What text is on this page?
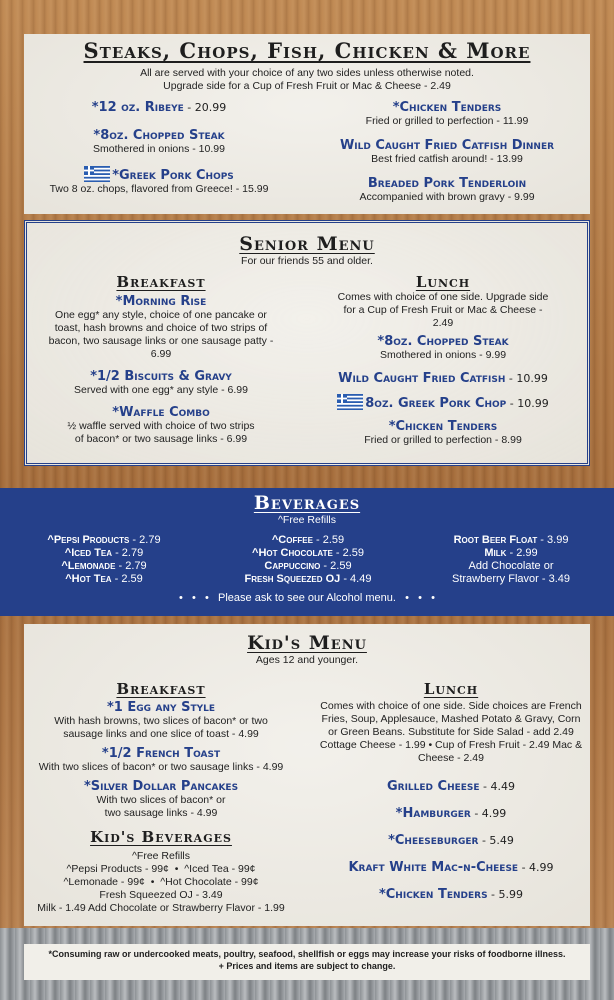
Steaks, Chops, Fish, Chicken & More
All are served with your choice of any two sides unless otherwise noted.
Upgrade side for a Cup of Fresh Fruit or Mac & Cheese - 2.49
*12 oz. Ribeye - 20.99
*8oz. Chopped Steak
Smothered in onions - 10.99
*Greek Pork Chops
Two 8 oz. chops, flavored from Greece! - 15.99
*Chicken Tenders
Fried or grilled to perfection - 11.99
Wild Caught Fried Catfish Dinner
Best fried catfish around! - 13.99
Breaded Pork Tenderloin
Accompanied with brown gravy - 9.99
Senior Menu
For our friends 55 and older.
Breakfast
*Morning Rise
One egg* any style, choice of one pancake or toast, hash browns and choice of two strips of bacon, two sausage links or one sausage patty - 6.99
*1/2 Biscuits & Gravy
Served with one egg* any style - 6.99
*Waffle Combo
½ waffle served with choice of two strips of bacon* or two sausage links - 6.99
Lunch
Comes with choice of one side. Upgrade side for a Cup of Fresh Fruit or Mac & Cheese - 2.49
*8oz. Chopped Steak
Smothered in onions - 9.99
Wild Caught Fried Catfish - 10.99
8oz. Greek Pork Chop - 10.99
*Chicken Tenders
Fried or grilled to perfection - 8.99
Beverages
^Free Refills
^Pepsi Products - 2.79
^Iced Tea - 2.79
^Lemonade - 2.79
^Hot Tea - 2.59
^Coffee - 2.59
^Hot Chocolate - 2.59
Cappuccino - 2.59
Fresh Squeezed OJ - 4.49
Root Beer Float - 3.99
Milk - 2.99
Add Chocolate or
Strawberry Flavor - 3.49
•   •   •   Please ask to see our Alcohol menu.   •   •   •
Kid's Menu
Ages 12 and younger.
Breakfast
*1 Egg any Style
With hash browns, two slices of bacon* or two sausage links and one slice of toast - 4.99
*1/2 French Toast
With two slices of bacon* or two sausage links - 4.99
*Silver Dollar Pancakes
With two slices of bacon* or two sausage links - 4.99
Kid's Beverages
^Free Refills
^Pepsi Products - 99¢  •  ^Iced Tea - 99¢
^Lemonade - 99¢  •  ^Hot Chocolate - 99¢
Fresh Squeezed OJ - 3.49
Milk - 1.49 Add Chocolate or Strawberry Flavor - 1.99
Lunch
Comes with choice of one side. Side choices are French Fries, Soup, Applesauce, Mashed Potato & Gravy, Corn or Green Beans. Substitute for Side Salad - add 2.49 Cottage Cheese - 1.99 • Cup of Fresh Fruit - 2.49 Mac & Cheese - 2.49
Grilled Cheese - 4.49
*Hamburger - 4.99
*Cheeseburger - 5.49
Kraft White Mac-n-Cheese - 4.99
*Chicken Tenders - 5.99
*Consuming raw or undercooked meats, poultry, seafood, shellfish or eggs may increase your risks of foodborne illness.
+ Prices and items are subject to change.
